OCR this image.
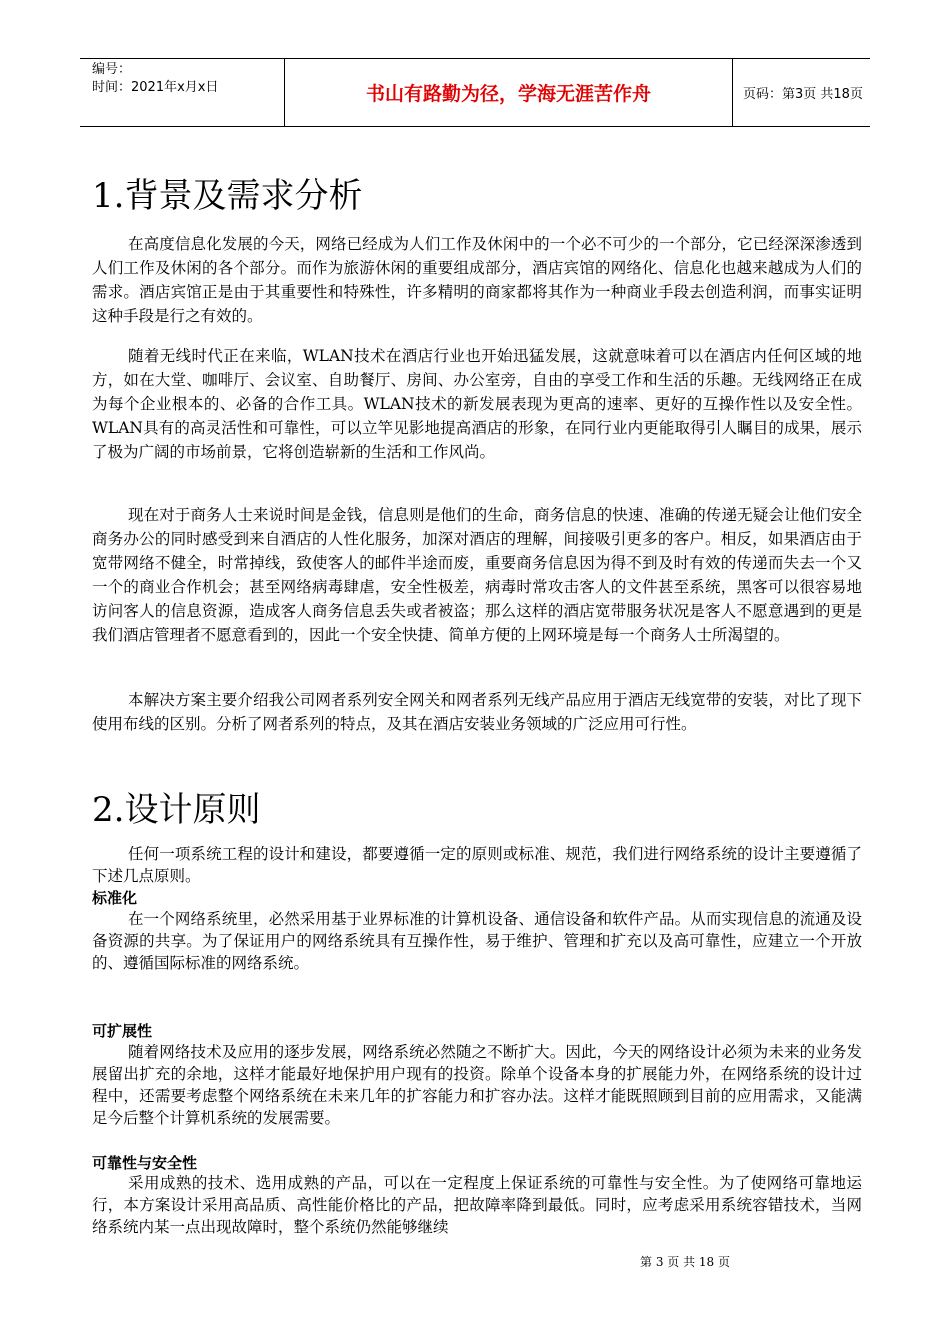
编号：
时间：2021年x月x日	书山有路勤为径，学海无涯苦作舟	页码：第3页 共18页
1.背景及需求分析
在高度信息化发展的今天，网络已经成为人们工作及休闲中的一个必不可少的一个部分，它已经深深渗透到人们工作及休闲的各个部分。而作为旅游休闲的重要组成部分，酒店宾馆的网络化、信息化也越来越成为人们的需求。酒店宾馆正是由于其重要性和特殊性，许多精明的商家都将其作为一种商业手段去创造利润，而事实证明这种手段是行之有效的。
随着无线时代正在来临，WLAN技术在酒店行业也开始迅猛发展，这就意味着可以在酒店内任何区域的地方，如在大堂、咖啡厅、会议室、自助餐厅、房间、办公室旁，自由的享受工作和生活的乐趣。无线网络正在成为每个企业根本的、必备的合作工具。WLAN技术的新发展表现为更高的速率、更好的互操作性以及安全性。WLAN具有的高灵活性和可靠性，可以立竿见影地提高酒店的形象，在同行业内更能取得引人瞩目的成果，展示了极为广阔的市场前景，它将创造崭新的生活和工作风尚。
现在对于商务人士来说时间是金钱，信息则是他们的生命，商务信息的快速、准确的传递无疑会让他们安全商务办公的同时感受到来自酒店的人性化服务，加深对酒店的理解，间接吸引更多的客户。相反，如果酒店由于宽带网络不健全，时常掉线，致使客人的邮件半途而废，重要商务信息因为得不到及时有效的传递而失去一个又一个的商业合作机会；甚至网络病毒肆虐，安全性极差，病毒时常攻击客人的文件甚至系统，黑客可以很容易地访问客人的信息资源，造成客人商务信息丢失或者被盗；那么这样的酒店宽带服务状况是客人不愿意遇到的更是我们酒店管理者不愿意看到的，因此一个安全快捷、简单方便的上网环境是每一个商务人士所渴望的。
本解决方案主要介绍我公司网者系列安全网关和网者系列无线产品应用于酒店无线宽带的安装，对比了现下使用布线的区别。分析了网者系列的特点，及其在酒店安装业务领域的广泛应用可行性。
2.设计原则
任何一项系统工程的设计和建设，都要遵循一定的原则或标准、规范，我们进行网络系统的设计主要遵循了下述几点原则。
标准化
在一个网络系统里，必然采用基于业界标准的计算机设备、通信设备和软件产品。从而实现信息的流通及设备资源的共享。为了保证用户的网络系统具有互操作性，易于维护、管理和扩充以及高可靠性，应建立一个开放的、遵循国际标准的网络系统。
可扩展性
随着网络技术及应用的逐步发展，网络系统必然随之不断扩大。因此，今天的网络设计必须为未来的业务发展留出扩充的余地，这样才能最好地保护用户现有的投资。除单个设备本身的扩展能力外，在网络系统的设计过程中，还需要考虑整个网络系统在未来几年的扩容能力和扩容办法。这样才能既照顾到目前的应用需求，又能满足今后整个计算机系统的发展需要。
可靠性与安全性
采用成熟的技术、选用成熟的产品，可以在一定程度上保证系统的可靠性与安全性。为了使网络可靠地运行，本方案设计采用高品质、高性能价格比的产品，把故障率降到最低。同时，应考虑采用系统容错技术，当网络系统内某一点出现故障时，整个系统仍然能够继续
第 3 页 共 18 页
